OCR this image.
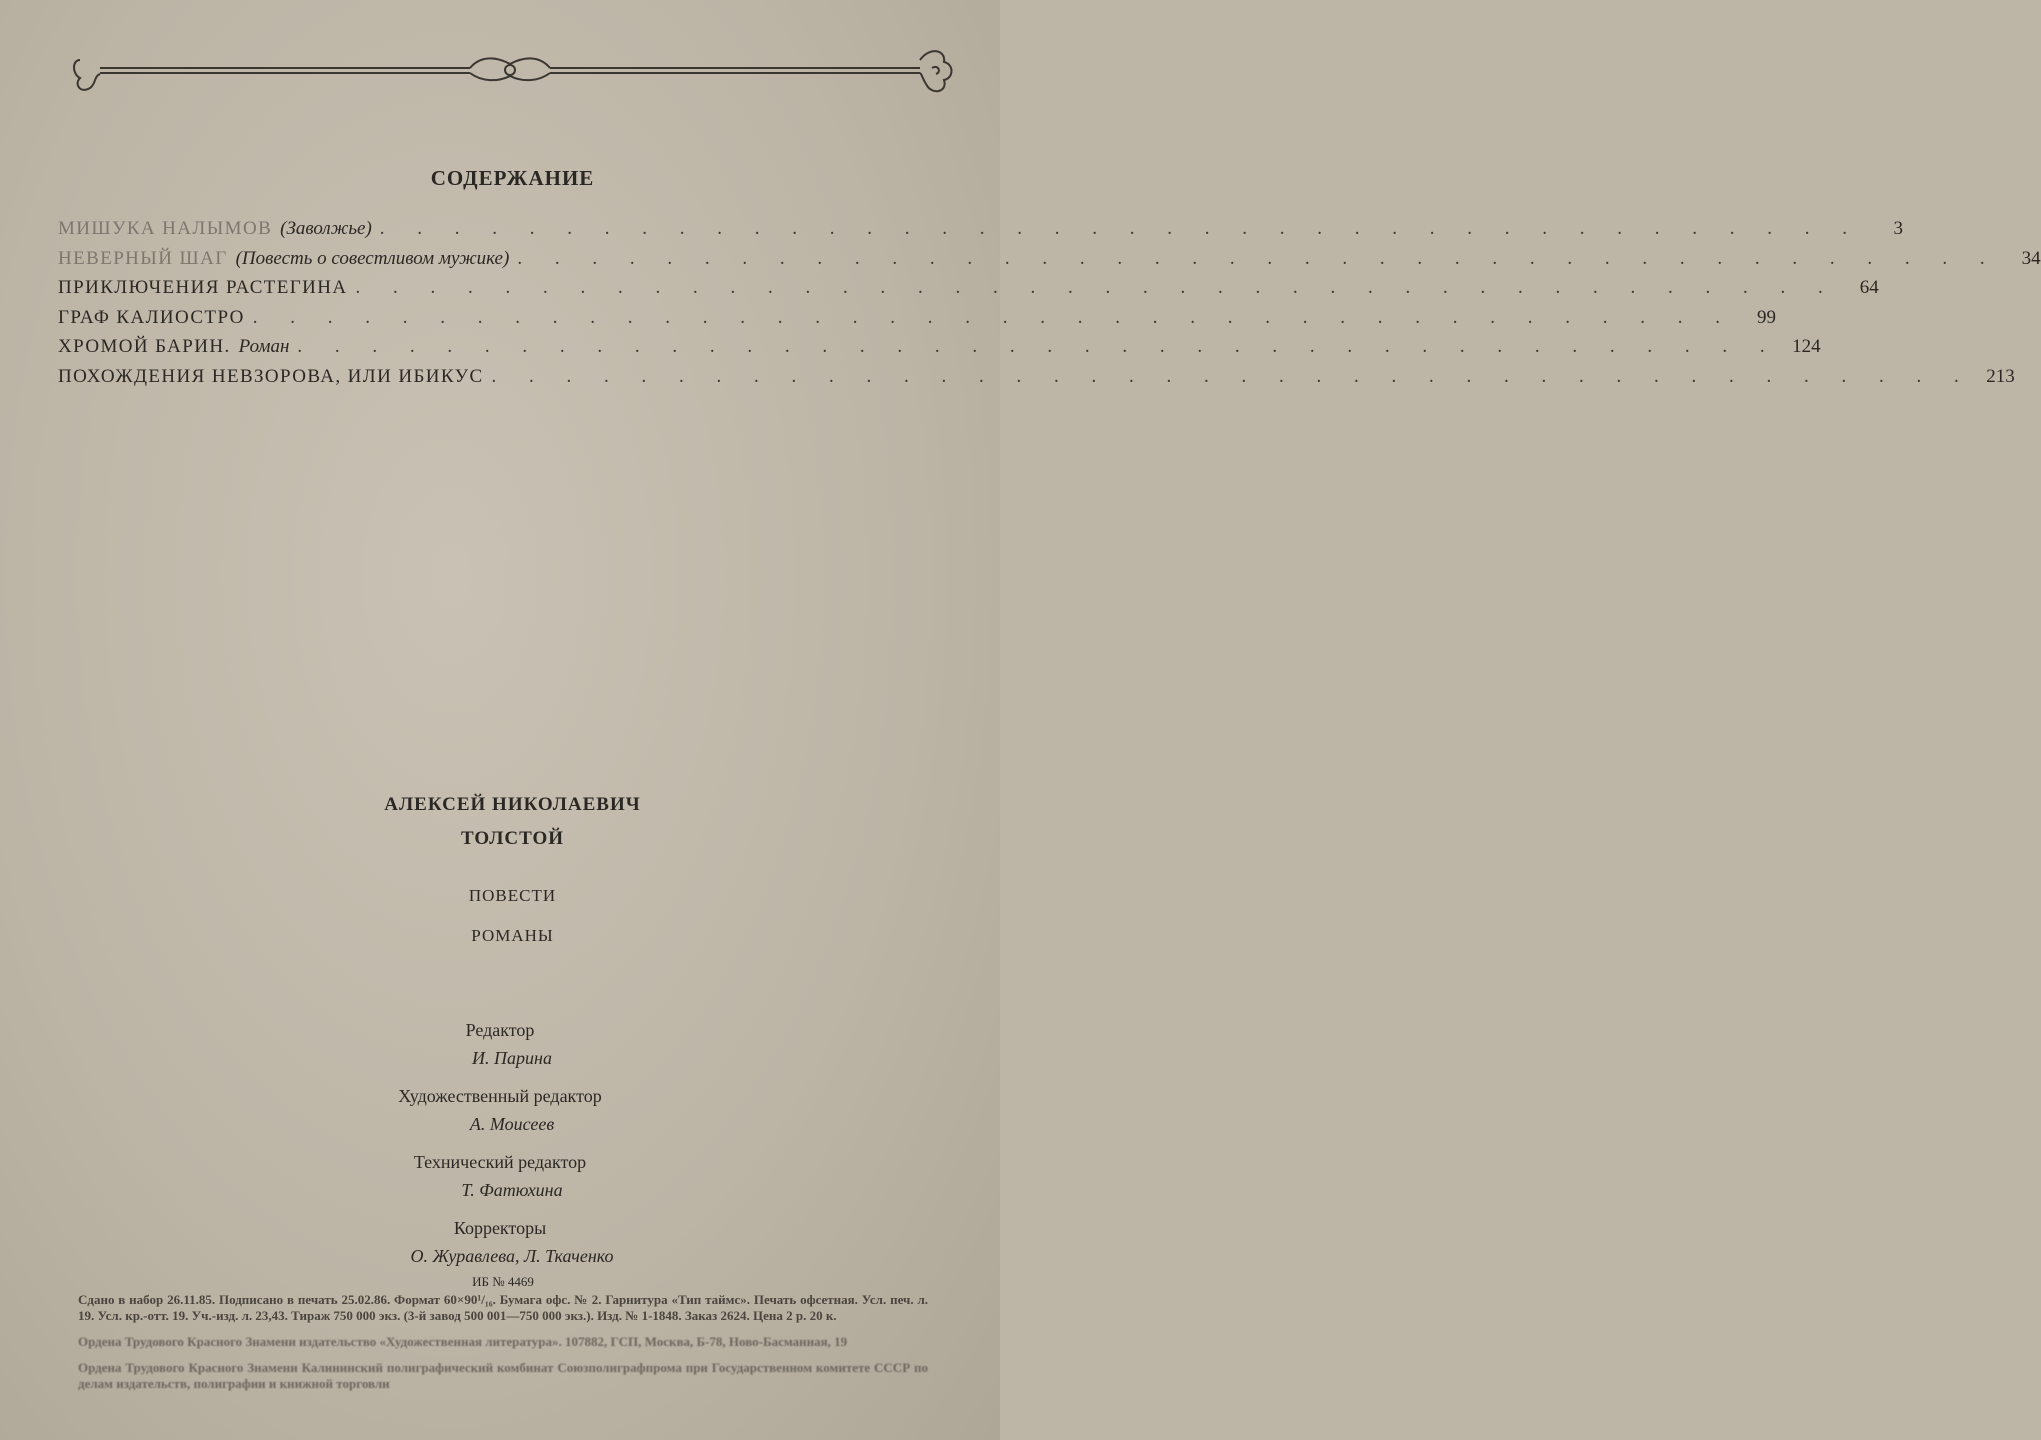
СОДЕРЖАНИЕ
МИШУКА НАЛЫМОВ (Заволжье) . . . . . . . . . . . . . . . . . . . . . . . . . . . . . . . . . . . . . . . .	3
НЕВЕРНЫЙ ШАГ (Повесть о совестливом мужике) . . . . . . . . . . . . . . . . . . . . . . . . . . . . . . . . . . . . . . . .	34
ПРИКЛЮЧЕНИЯ РАСТЕГИНА . . . . . . . . . . . . . . . . . . . . . . . . . . . . . . . . . . . . . . . .	64
ГРАФ КАЛИОСТРО . . . . . . . . . . . . . . . . . . . . . . . . . . . . . . . . . . . . . . . .	99
ХРОМОЙ БАРИН. Роман . . . . . . . . . . . . . . . . . . . . . . . . . . . . . . . . . . . . . . . . 124
ПОХОЖДЕНИЯ НЕВЗОРОВА, ИЛИ ИБИКУС . . . . . . . . . . . . . . . . . . . . . . . . . . . . . . . . . . . . . . . . 213
АЛЕКСЕЙ НИКОЛАЕВИЧ
ТОЛСТОЙ
ПОВЕСТИ
РОМАНЫ
Редактор
И. Парина
Художественный редактор
А. Моисеев
Технический редактор
Т. Фатюхина
Корректоры
О. Журавлева, Л. Ткаченко
ИБ № 4469

Сдано в набор 26.11.85. Подписано в печать 25.02.86. Формат 60×90¹/₁₆. Бумага офс. № 2. Гарнитура «Тип таймс». Печать офсетная. Усл. печ. л. 19. Усл. кр.-отт. 19. Уч.-изд. л. 23,43. Тираж 750 000 экз. (3-й завод 500 001—750 000 экз.). Изд. № 1-1848. Заказ 2624. Цена 2 р. 20 к.

Ордена Трудового Красного Знамени издательство «Художественная литература». 107882, ГСП, Москва, Б-78, Ново-Басманная, 19

Ордена Трудового Красного Знамени Калининский полиграфический комбинат Союзполиграфпрома при Государственном комитете СССР по делам издательств, полиграфии и книжной торговли
